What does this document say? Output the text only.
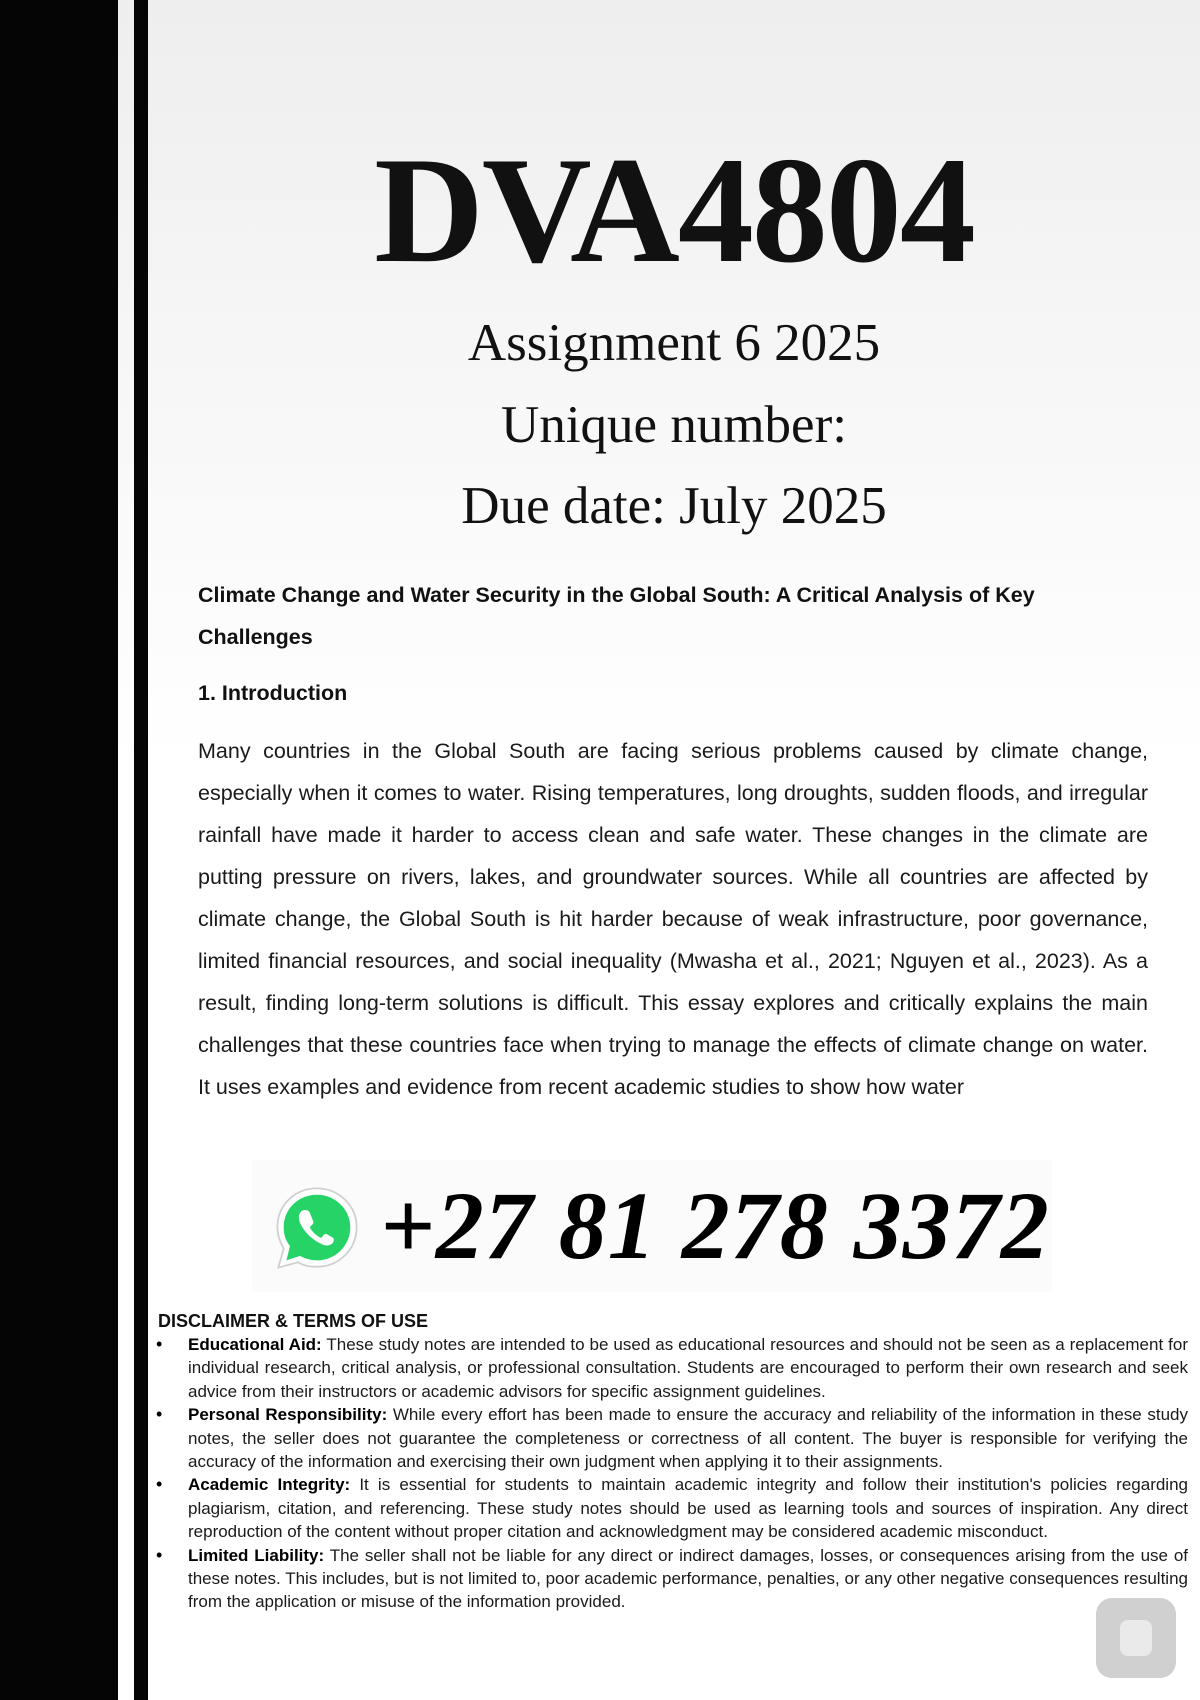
DVA4804

Assignment 6 2025

Unique number:

Due date: July 2025

Climate Change and Water Security in the Global South: A Critical Analysis of Key Challenges

1. Introduction

Many countries in the Global South are facing serious problems caused by climate change, especially when it comes to water. Rising temperatures, long droughts, sudden floods, and irregular rainfall have made it harder to access clean and safe water. These changes in the climate are putting pressure on rivers, lakes, and groundwater sources. While all countries are affected by climate change, the Global South is hit harder because of weak infrastructure, poor governance, limited financial resources, and social inequality (Mwasha et al., 2021; Nguyen et al., 2023). As a result, finding long-term solutions is difficult. This essay explores and critically explains the main challenges that these countries face when trying to manage the effects of climate change on water. It uses examples and evidence from recent academic studies to show how water

+27 81 278 3372

DISCLAIMER & TERMS OF USE

• Educational Aid: These study notes are intended to be used as educational resources and should not be seen as a replacement for individual research, critical analysis, or professional consultation. Students are encouraged to perform their own research and seek advice from their instructors or academic advisors for specific assignment guidelines.
• Personal Responsibility: While every effort has been made to ensure the accuracy and reliability of the information in these study notes, the seller does not guarantee the completeness or correctness of all content. The buyer is responsible for verifying the accuracy of the information and exercising their own judgment when applying it to their assignments.
• Academic Integrity: It is essential for students to maintain academic integrity and follow their institution's policies regarding plagiarism, citation, and referencing. These study notes should be used as learning tools and sources of inspiration. Any direct reproduction of the content without proper citation and acknowledgment may be considered academic misconduct.
• Limited Liability: The seller shall not be liable for any direct or indirect damages, losses, or consequences arising from the use of these notes. This includes, but is not limited to, poor academic performance, penalties, or any other negative consequences resulting from the application or misuse of the information provided.
